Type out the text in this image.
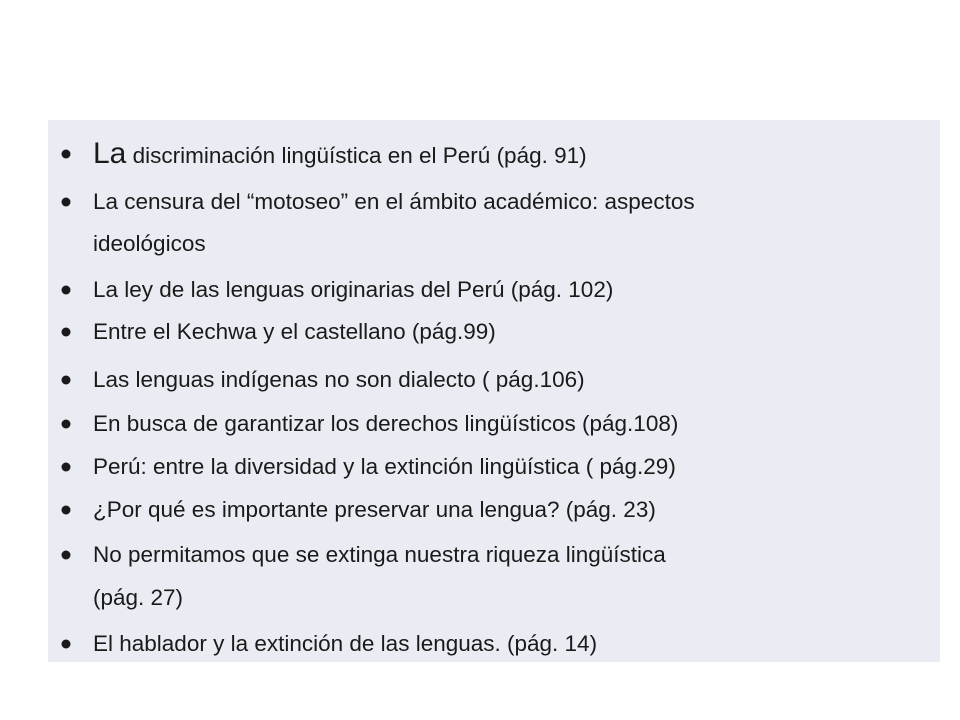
La discriminación lingüística en el Perú (pág. 91)
La censura del “motoseo” en el ámbito académico: aspectos
ideológicos
La ley de las lenguas originarias del Perú (pág. 102)
Entre el Kechwa y el castellano (pág.99)
Las lenguas indígenas no son dialecto ( pág.106)
En busca de garantizar los derechos lingüísticos (pág.108)
Perú: entre la diversidad y la extinción lingüística ( pág.29)
¿Por qué es importante preservar una lengua? (pág. 23)
No permitamos que se extinga nuestra riqueza lingüística
(pág. 27)
El hablador y la extinción de las lenguas. (pág. 14)
